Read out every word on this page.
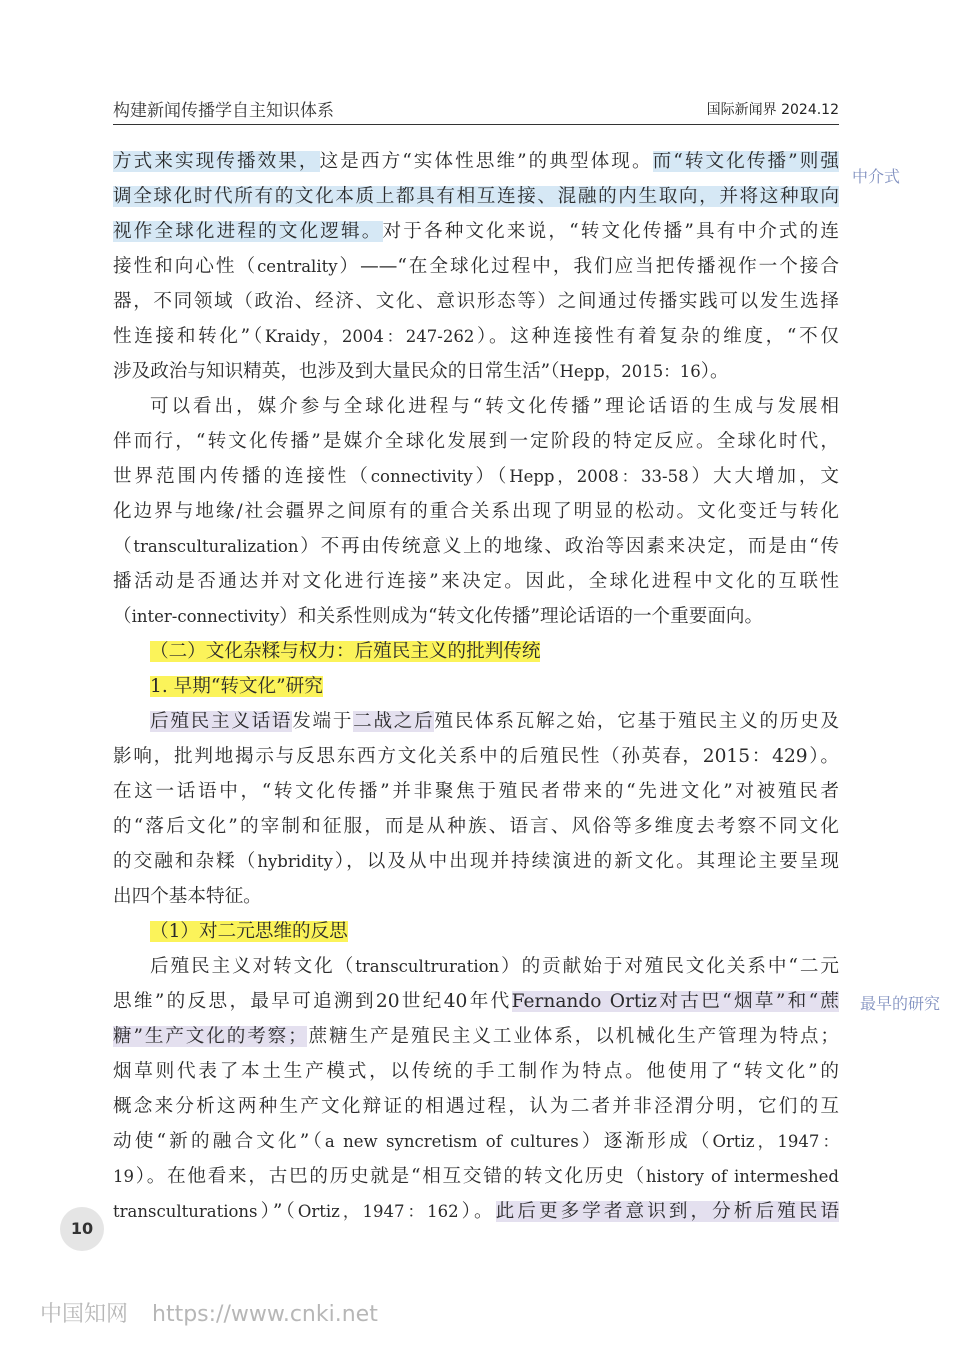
构建新闻传播学自主知识体系	国际新闻界 2024.12
方式来实现传播效果，这是西方“实体性思维”的典型体现。而“转文化传播”则强
调全球化时代所有的文化本质上都具有相互连接、混融的内生取向，并将这种取向
视作全球化进程的文化逻辑。对于各种文化来说，“转文化传播”具有中介式的连
接性和向心性（centrality）——“在全球化过程中，我们应当把传播视作一个接合
器，不同领域（政治、经济、文化、意识形态等）之间通过传播实践可以发生选择
性连接和转化”（Kraidy，2004：247-262）。这种连接性有着复杂的维度，“不仅
涉及政治与知识精英，也涉及到大量民众的日常生活”（Hepp，2015：16）。
可以看出，媒介参与全球化进程与“转文化传播”理论话语的生成与发展相
伴而行，“转文化传播”是媒介全球化发展到一定阶段的特定反应。全球化时代，
世界范围内传播的连接性（connectivity）（Hepp，2008：33-58）大大增加，文
化边界与地缘/社会疆界之间原有的重合关系出现了明显的松动。文化变迁与转化
（transculturalization）不再由传统意义上的地缘、政治等因素来决定，而是由“传
播活动是否通达并对文化进行连接”来决定。因此，全球化进程中文化的互联性
（inter-connectivity）和关系性则成为“转文化传播”理论话语的一个重要面向。
（二）文化杂糅与权力：后殖民主义的批判传统
1. 早期“转文化”研究
后殖民主义话语发端于二战之后殖民体系瓦解之始，它基于殖民主义的历史及
影响，批判地揭示与反思东西方文化关系中的后殖民性（孙英春，2015：429）。
在这一话语中，“转文化传播”并非聚焦于殖民者带来的“先进文化”对被殖民者
的“落后文化”的宰制和征服，而是从种族、语言、风俗等多维度去考察不同文化
的交融和杂糅（hybridity），以及从中出现并持续演进的新文化。其理论主要呈现
出四个基本特征。
（1）对二元思维的反思
后殖民主义对转文化（transcultruration）的贡献始于对殖民文化关系中“二元
思维”的反思，最早可追溯到20世纪40年代Fernando Ortiz对古巴“烟草”和“蔗
糖”生产文化的考察；蔗糖生产是殖民主义工业体系，以机械化生产管理为特点；
烟草则代表了本土生产模式，以传统的手工制作为特点。他使用了“转文化”的
概念来分析这两种生产文化辩证的相遇过程，认为二者并非泾渭分明，它们的互
动使“新的融合文化”（a new syncretism of cultures）逐渐形成（Ortiz，1947：
19）。在他看来，古巴的历史就是“相互交错的转文化历史（history of intermeshed
transculturations）”（Ortiz，1947：162）。此后更多学者意识到，分析后殖民语
中介式
最早的研究
10
中国知网 https://www.cnki.net
